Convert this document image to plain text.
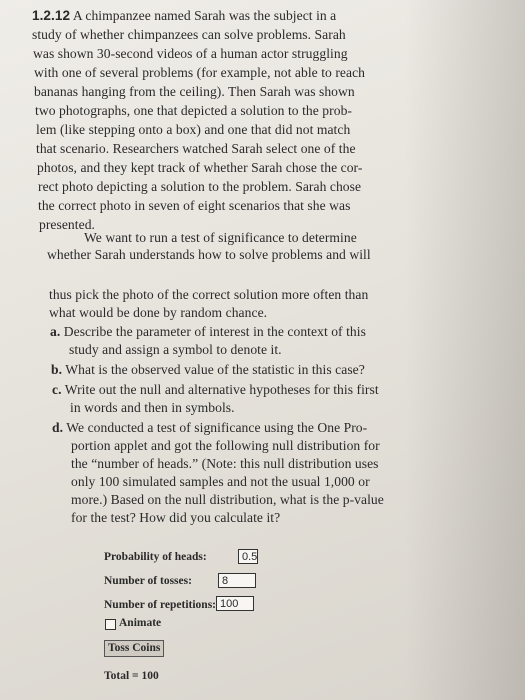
1.2.12 A chimpanzee named Sarah was the subject in a
study of whether chimpanzees can solve problems. Sarah
was shown 30-second videos of a human actor struggling
with one of several problems (for example, not able to reach
bananas hanging from the ceiling). Then Sarah was shown
two photographs, one that depicted a solution to the prob-
lem (like stepping onto a box) and one that did not match
that scenario. Researchers watched Sarah select one of the
photos, and they kept track of whether Sarah chose the cor-
rect photo depicting a solution to the problem. Sarah chose
the correct photo in seven of eight scenarios that she was
presented.
We want to run a test of significance to determine
whether Sarah understands how to solve problems and will
thus pick the photo of the correct solution more often than
what would be done by random chance.
a. Describe the parameter of interest in the context of this
study and assign a symbol to denote it.
b. What is the observed value of the statistic in this case?
c. Write out the null and alternative hypotheses for this first
in words and then in symbols.
d. We conducted a test of significance using the One Pro-
portion applet and got the following null distribution for
the “number of heads.” (Note: this null distribution uses
only 100 simulated samples and not the usual 1,000 or
more.) Based on the null distribution, what is the p-value
for the test? How did you calculate it?
Probability of heads:	0.5
Number of tosses:	8
Number of repetitions: 100
Animate
Toss Coins
Total = 100
